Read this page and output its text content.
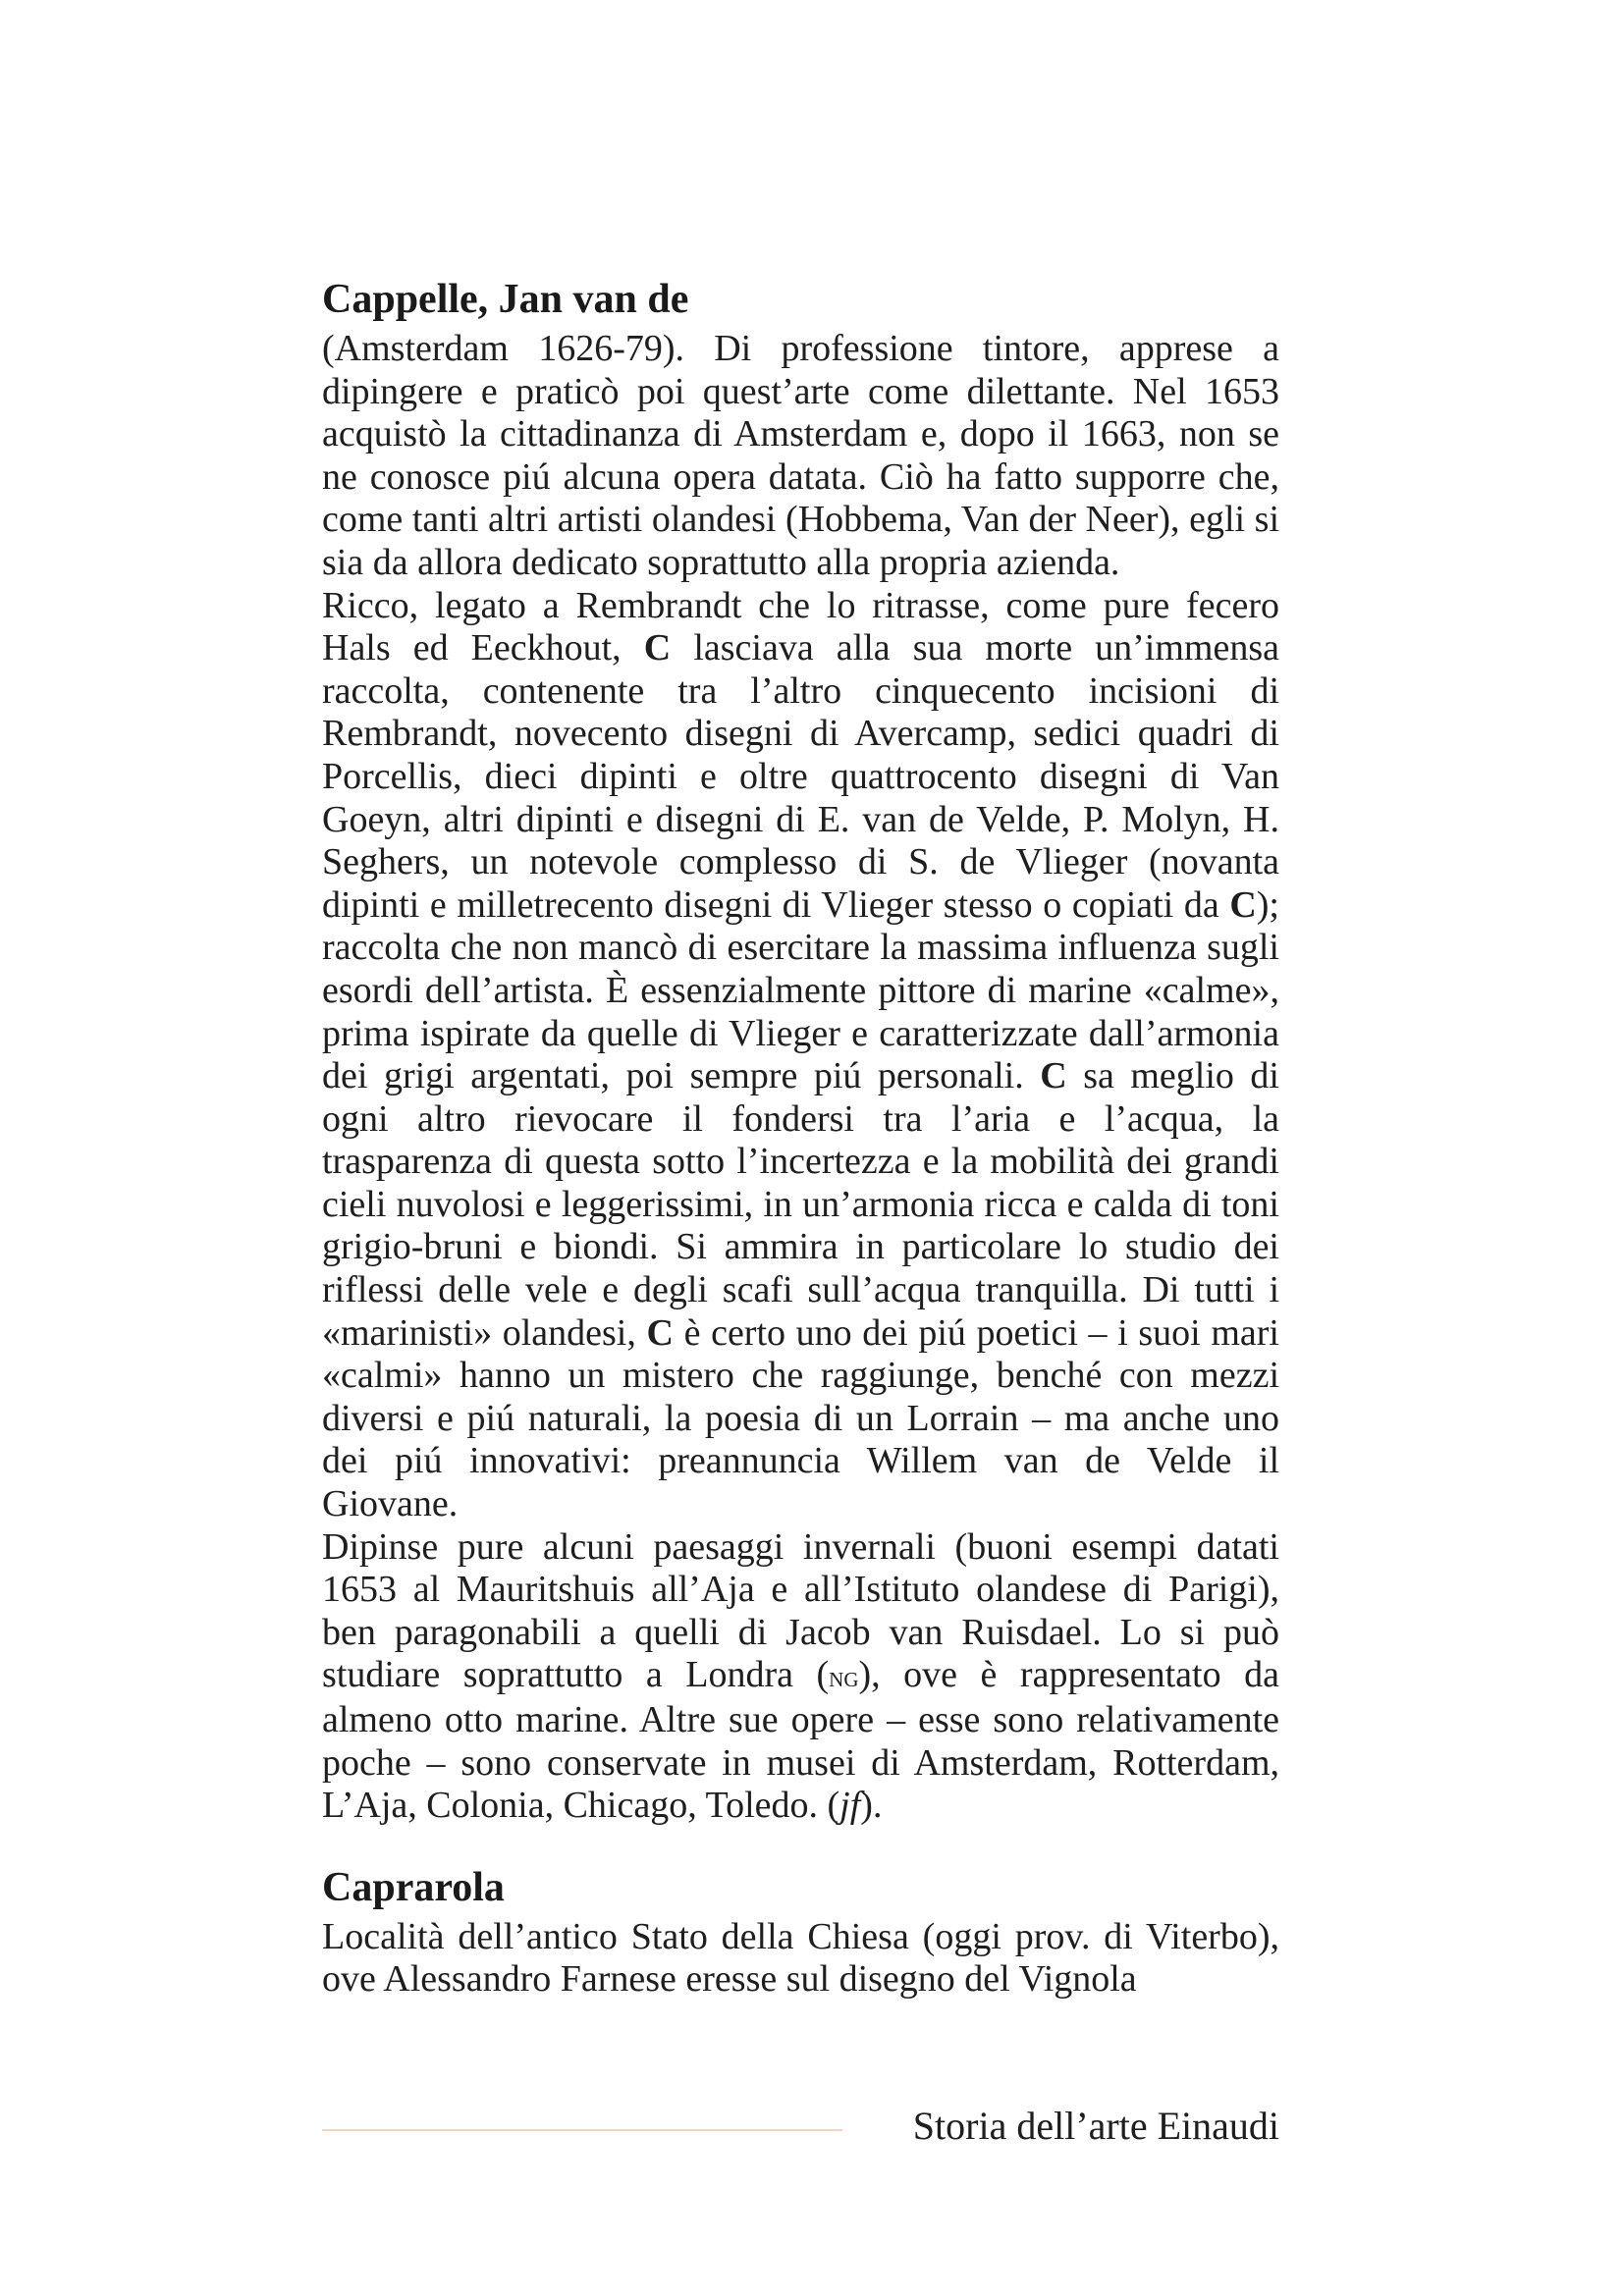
Cappelle, Jan van de

(Amsterdam 1626-79). Di professione tintore, apprese a dipingere e praticò poi quest’arte come dilettante. Nel 1653 acquistò la cittadinanza di Amsterdam e, dopo il 1663, non se ne conosce piú alcuna opera datata. Ciò ha fatto supporre che, come tanti altri artisti olandesi (Hobbema, Van der Neer), egli si sia da allora dedicato soprattutto alla propria azienda.

Ricco, legato a Rembrandt che lo ritrasse, come pure fecero Hals ed Eeckhout, C lasciava alla sua morte un’immensa raccolta, contenente tra l’altro cinquecento incisioni di Rembrandt, novecento disegni di Avercamp, sedici quadri di Porcellis, dieci dipinti e oltre quattrocento disegni di Van Goeyn, altri dipinti e disegni di E. van de Velde, P. Molyn, H. Seghers, un notevole complesso di S. de Vlieger (novanta dipinti e milletrecento disegni di Vlieger stesso o copiati da C); raccolta che non mancò di esercitare la massima influenza sugli esordi dell’artista. È essenzialmente pittore di marine «calme», prima ispirate da quelle di Vlieger e caratterizzate dall’armonia dei grigi argentati, poi sempre piú personali. C sa meglio di ogni altro rievocare il fondersi tra l’aria e l’acqua, la trasparenza di questa sotto l’incertezza e la mobilità dei grandi cieli nuvolosi e leggerissimi, in un’armonia ricca e calda di toni grigio-bruni e biondi. Si ammira in particolare lo studio dei riflessi delle vele e degli scafi sull’acqua tranquilla. Di tutti i «marinisti» olandesi, C è certo uno dei piú poetici – i suoi mari «calmi» hanno un mistero che raggiunge, benché con mezzi diversi e piú naturali, la poesia di un Lorrain – ma anche uno dei piú innovativi: preannuncia Willem van de Velde il Giovane.

Dipinse pure alcuni paesaggi invernali (buoni esempi datati 1653 al Mauritshuis all’Aja e all’Istituto olandese di Parigi), ben paragonabili a quelli di Jacob van Ruisdael. Lo si può studiare soprattutto a Londra (ng), ove è rappresentato da almeno otto marine. Altre sue opere – esse sono relativamente poche – sono conservate in musei di Amsterdam, Rotterdam, L’Aja, Colonia, Chicago, Toledo. (jf).

Caprarola

Località dell’antico Stato della Chiesa (oggi prov. di Viterbo), ove Alessandro Farnese eresse sul disegno del Vignola

Storia dell’arte Einaudi
